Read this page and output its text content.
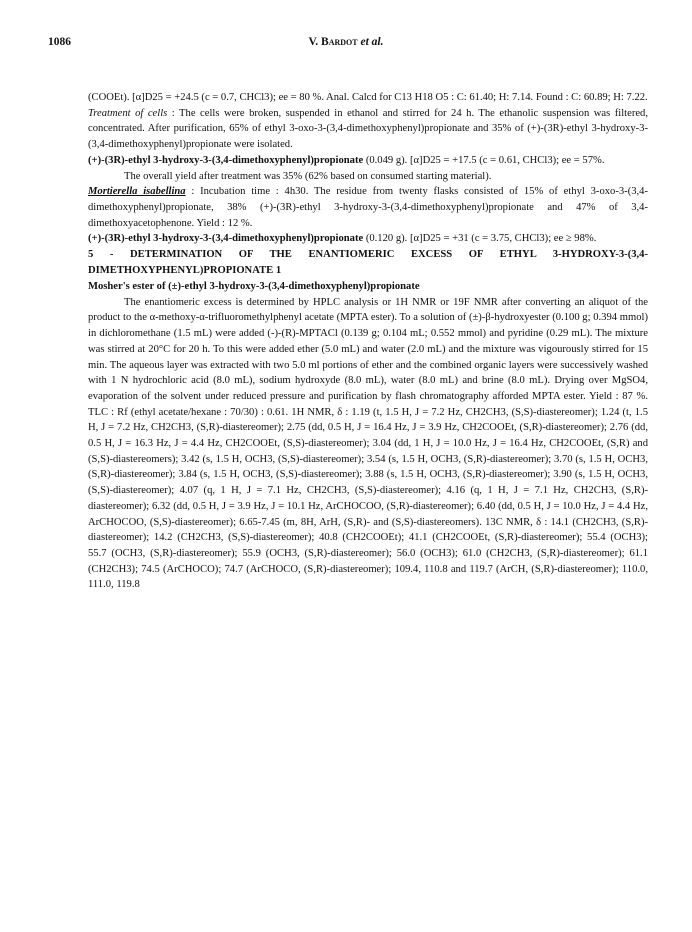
1086	V. Bardot et al.

(COOEt). [α]D25 = +24.5 (c = 0.7, CHCl3); ee = 80 %. Anal. Calcd for C13 H18 O5 : C: 61.40; H: 7.14. Found : C: 60.89; H: 7.22.

Treatment of cells : The cells were broken, suspended in ethanol and stirred for 24 h. The ethanolic suspension was filtered, concentrated. After purification, 65% of ethyl 3-oxo-3-(3,4-dimethoxyphenyl)propionate and 35% of (+)-(3R)-ethyl 3-hydroxy-3-(3,4-dimethoxyphenyl)propionate were isolated.

(+)-(3R)-ethyl 3-hydroxy-3-(3,4-dimethoxyphenyl)propionate (0.049 g). [α]D25 = +17.5 (c = 0.61, CHCl3); ee = 57%.

The overall yield after treatment was 35% (62% based on consumed starting material).

Mortierella isabellina : Incubation time : 4h30. The residue from twenty flasks consisted of 15% of ethyl 3-oxo-3-(3,4-dimethoxyphenyl)propionate, 38% (+)-(3R)-ethyl 3-hydroxy-3-(3,4-dimethoxyphenyl)propionate and 47% of 3,4-dimethoxyacetophenone. Yield : 12 %.

(+)-(3R)-ethyl 3-hydroxy-3-(3,4-dimethoxyphenyl)propionate (0.120 g). [α]D25 = +31 (c = 3.75, CHCl3); ee ≥ 98%.

5 - DETERMINATION OF THE ENANTIOMERIC EXCESS OF ETHYL 3-HYDROXY-3-(3,4-DIMETHOXYPHENYL)PROPIONATE 1

Mosher's ester of (±)-ethyl 3-hydroxy-3-(3,4-dimethoxyphenyl)propionate

The enantiomeric excess is determined by HPLC analysis or 1H NMR or 19F NMR after converting an aliquot of the product to the α-methoxy-α-trifluoromethylphenyl acetate (MPTA ester). To a solution of (±)-β-hydroxyester (0.100 g; 0.394 mmol) in dichloromethane (1.5 mL) were added (-)-(R)-MPTACl (0.139 g; 0.104 mL; 0.552 mmol) and pyridine (0.29 mL). The mixture was stirred at 20°C for 20 h. To this were added ether (5.0 mL) and water (2.0 mL) and the mixture was vigourously stirred for 15 min. The aqueous layer was extracted with two 5.0 ml portions of ether and the combined organic layers were successively washed with 1 N hydrochloric acid (8.0 mL), sodium hydroxyde (8.0 mL), water (8.0 mL) and brine (8.0 mL). Drying over MgSO4, evaporation of the solvent under reduced pressure and purification by flash chromatography afforded MPTA ester. Yield : 87 %. TLC : Rf (ethyl acetate/hexane : 70/30) : 0.61. 1H NMR, δ : 1.19 (t, 1.5 H, J = 7.2 Hz, CH2CH3, (S,S)-diastereomer); 1.24 (t, 1.5 H, J = 7.2 Hz, CH2CH3, (S,R)-diastereomer); 2.75 (dd, 0.5 H, J = 16.4 Hz, J = 3.9 Hz, CH2COOEt, (S,R)-diastereomer); 2.76 (dd, 0.5 H, J = 16.3 Hz, J = 4.4 Hz, CH2COOEt, (S,S)-diastereomer); 3.04 (dd, 1 H, J = 10.0 Hz, J = 16.4 Hz, CH2COOEt, (S,R) and (S,S)-diastereomers); 3.42 (s, 1.5 H, OCH3, (S,S)-diastereomer); 3.54 (s, 1.5 H, OCH3, (S,R)-diastereomer); 3.70 (s, 1.5 H, OCH3, (S,R)-diastereomer); 3.84 (s, 1.5 H, OCH3, (S,S)-diastereomer); 3.88 (s, 1.5 H, OCH3, (S,R)-diastereomer); 3.90 (s, 1.5 H, OCH3, (S,S)-diastereomer); 4.07 (q, 1 H, J = 7.1 Hz, CH2CH3, (S,S)-diastereomer); 4.16 (q, 1 H, J = 7.1 Hz, CH2CH3, (S,R)-diastereomer); 6.32 (dd, 0.5 H, J = 3.9 Hz, J = 10.1 Hz, ArCHOCOO, (S,R)-diastereomer); 6.40 (dd, 0.5 H, J = 10.0 Hz, J = 4.4 Hz, ArCHOCOO, (S,S)-diastereomer); 6.65-7.45 (m, 8H, ArH, (S,R)- and (S,S)-diastereomers). 13C NMR, δ : 14.1 (CH2CH3, (S,R)-diastereomer); 14.2 (CH2CH3, (S,S)-diastereomer); 40.8 (CH2COOEt); 41.1 (CH2COOEt, (S,R)-diastereomer); 55.4 (OCH3); 55.7 (OCH3, (S,R)-diastereomer); 55.9 (OCH3, (S,R)-diastereomer); 56.0 (OCH3); 61.0 (CH2CH3, (S,R)-diastereomer); 61.1 (CH2CH3); 74.5 (ArCHOCO); 74.7 (ArCHOCO, (S,R)-diastereomer); 109.4, 110.8 and 119.7 (ArCH, (S,R)-diastereomer); 110.0, 111.0, 119.8
